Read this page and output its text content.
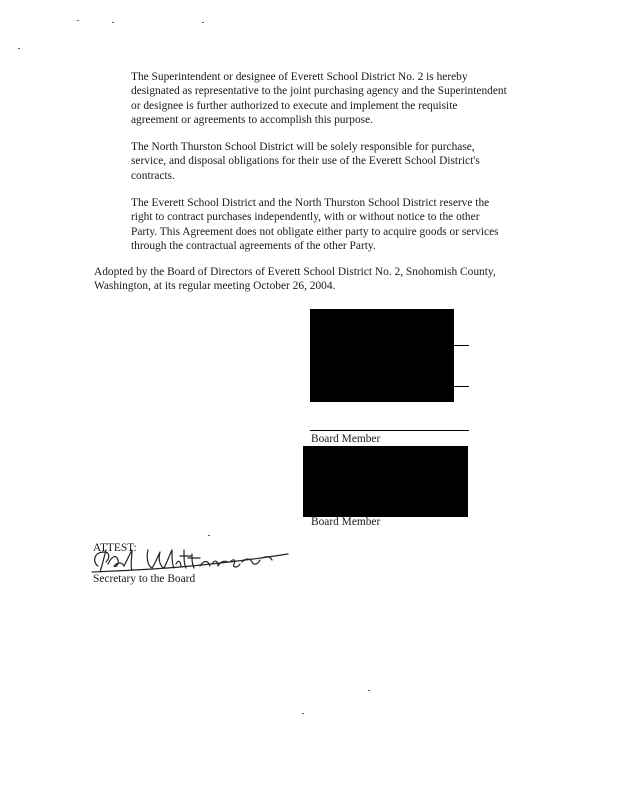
The Superintendent or designee of Everett School District No. 2 is hereby
designated as representative to the joint purchasing agency and the Superintendent
or designee is further authorized to execute and implement the requisite
agreement or agreements to accomplish this purpose.
The North Thurston School District will be solely responsible for purchase,
service, and disposal obligations for their use of the Everett School District's
contracts.
The Everett School District and the North Thurston School District reserve the
right to contract purchases independently, with or without notice to the other
Party. This Agreement does not obligate either party to acquire goods or services
through the contractual agreements of the other Party.
Adopted by the Board of Directors of Everett School District No. 2, Snohomish County,
Washington, at its regular meeting October 26, 2004.
Board Member
Board Member
ATTEST:
Secretary to the Board
